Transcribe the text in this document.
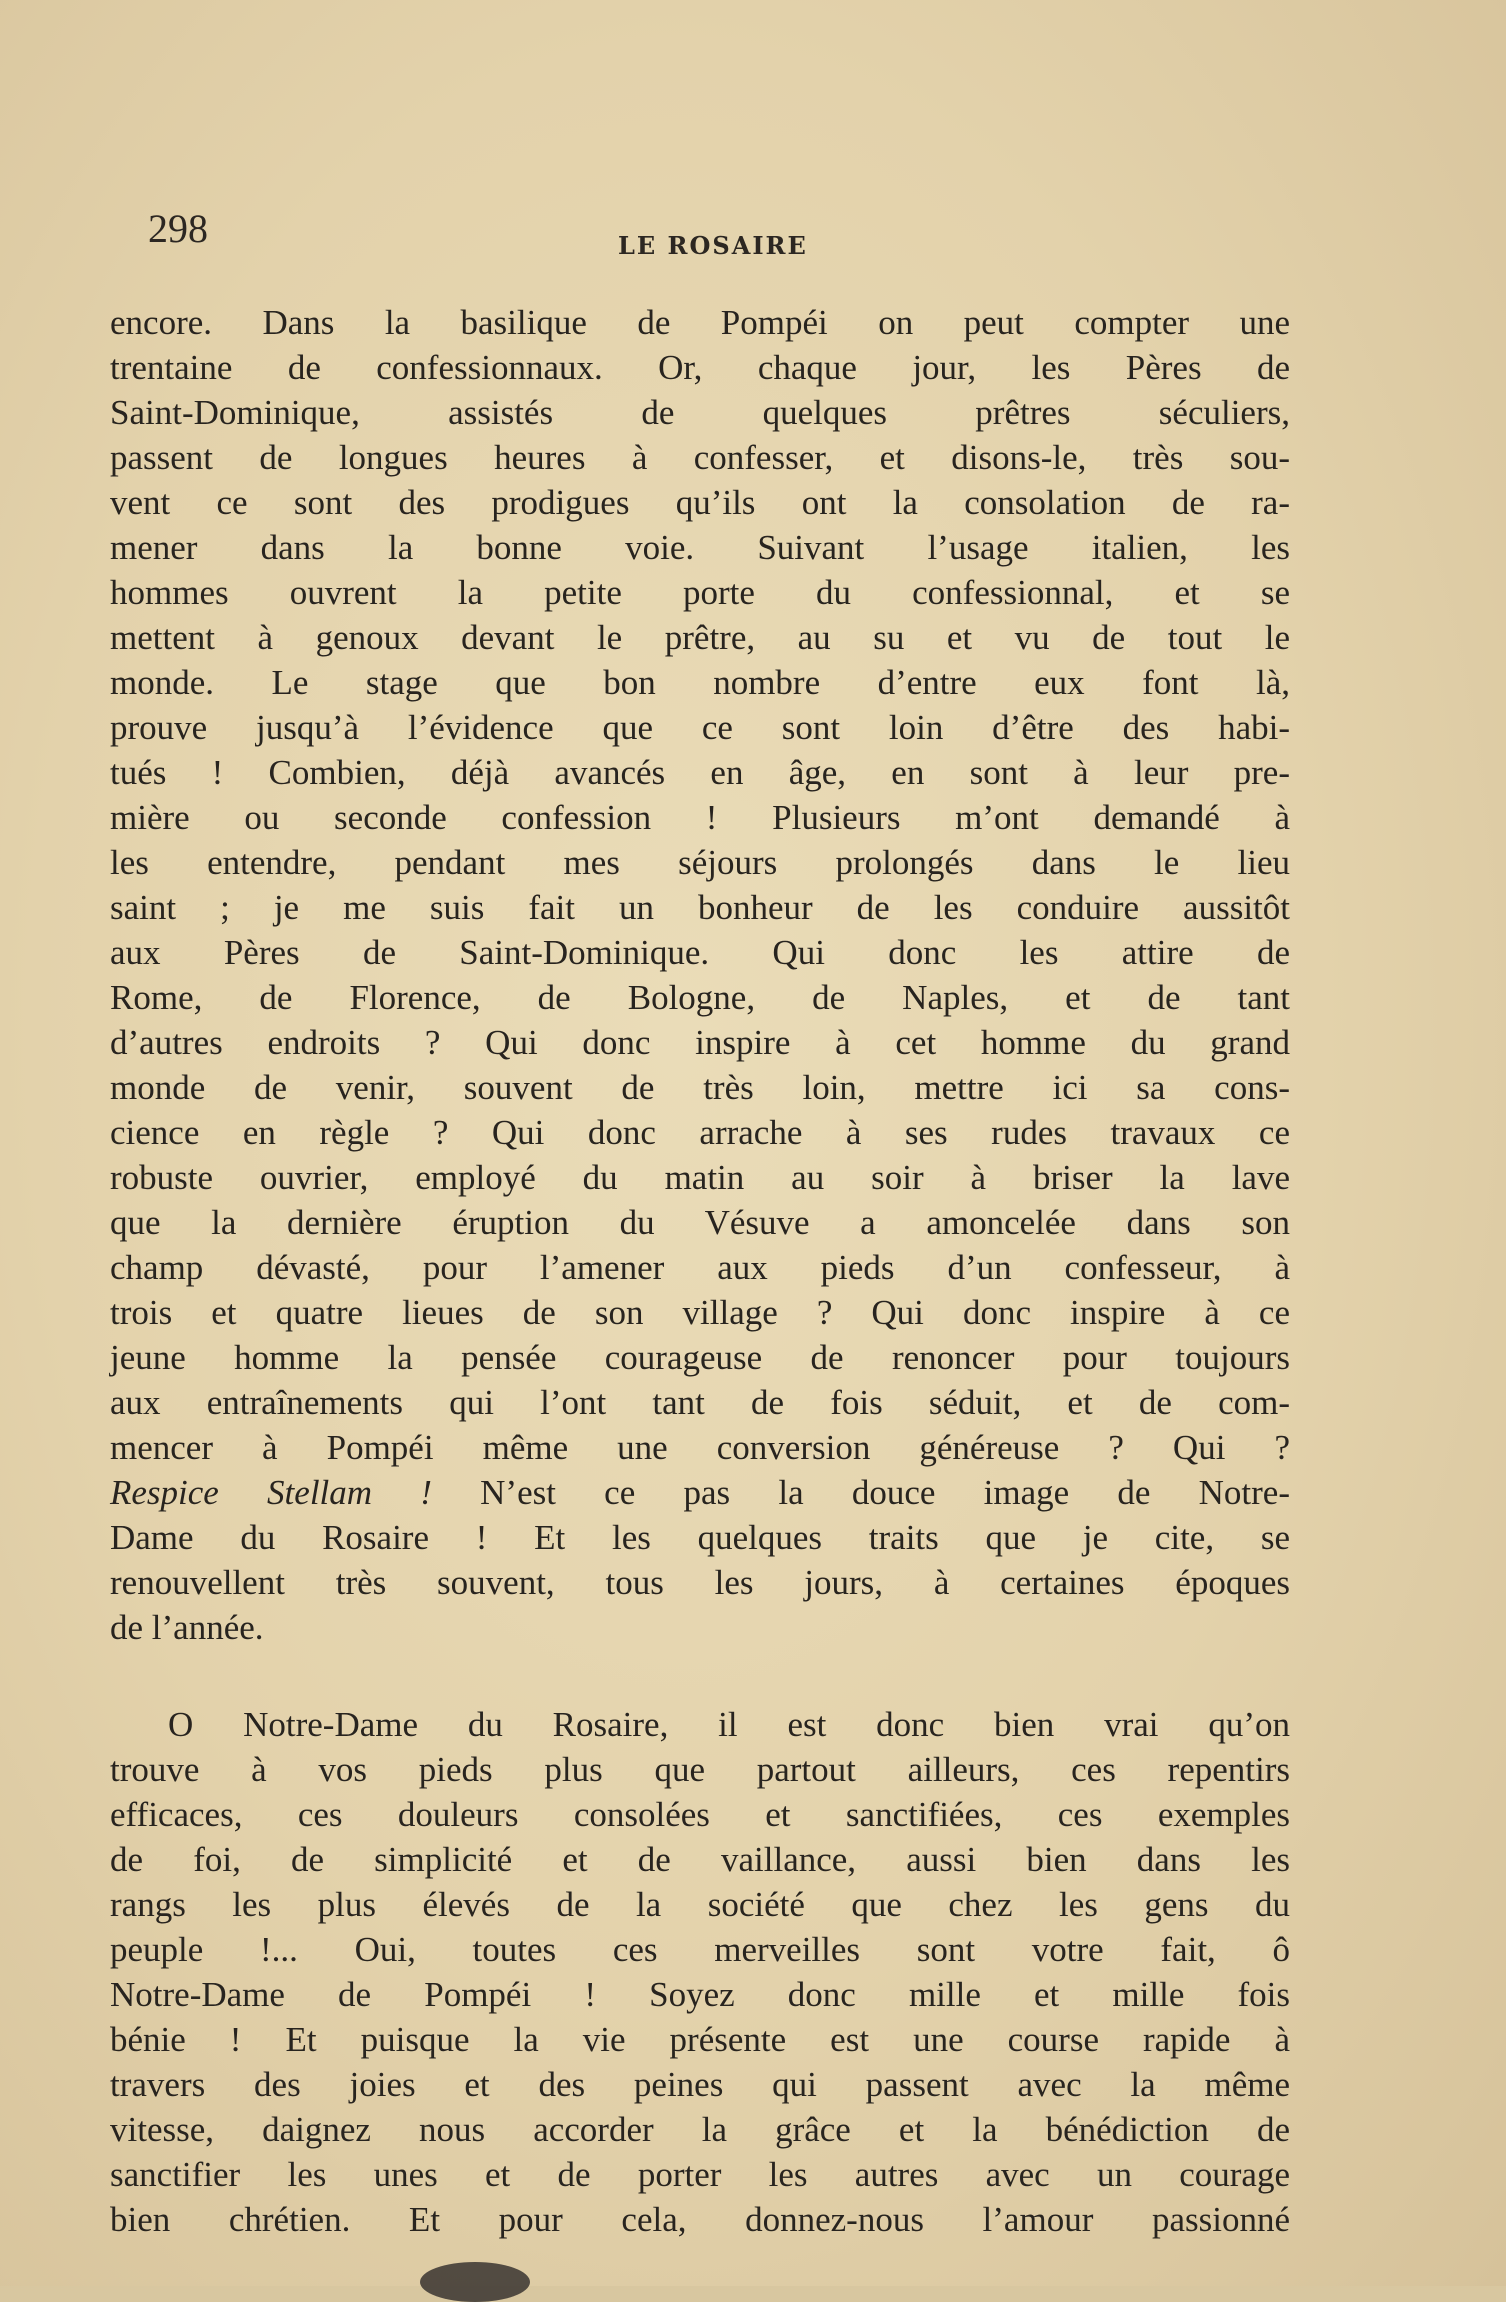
298	LE ROSAIRE

encore. Dans la basilique de Pompéi on peut compter une
trentaine de confessionnaux. Or, chaque jour, les Pères de
Saint-Dominique, assistés de quelques prêtres séculiers,
passent de longues heures à confesser, et disons-le, très sou-
vent ce sont des prodigues qu’ils ont la consolation de ra-
mener dans la bonne voie. Suivant l’usage italien, les
hommes ouvrent la petite porte du confessionnal, et se
mettent à genoux devant le prêtre, au su et vu de tout le
monde. Le stage que bon nombre d’entre eux font là,
prouve jusqu’à l’évidence que ce sont loin d’être des habi-
tués ! Combien, déjà avancés en âge, en sont à leur pre-
mière ou seconde confession ! Plusieurs m’ont demandé à
les entendre, pendant mes séjours prolongés dans le lieu
saint ; je me suis fait un bonheur de les conduire aussitôt
aux Pères de Saint-Dominique. Qui donc les attire de
Rome, de Florence, de Bologne, de Naples, et de tant
d’autres endroits ? Qui donc inspire à cet homme du grand
monde de venir, souvent de très loin, mettre ici sa cons-
cience en règle ? Qui donc arrache à ses rudes travaux ce
robuste ouvrier, employé du matin au soir à briser la lave
que la dernière éruption du Vésuve a amoncelée dans son
champ dévasté, pour l’amener aux pieds d’un confesseur, à
trois et quatre lieues de son village ? Qui donc inspire à ce
jeune homme la pensée courageuse de renoncer pour toujours
aux entraînements qui l’ont tant de fois séduit, et de com-
mencer à Pompéi même une conversion généreuse ? Qui ?
Respice Stellam ! N’est ce pas la douce image de Notre-
Dame du Rosaire ! Et les quelques traits que je cite, se
renouvellent très souvent, tous les jours, à certaines époques
de l’année.

O Notre-Dame du Rosaire, il est donc bien vrai qu’on
trouve à vos pieds plus que partout ailleurs, ces repentirs
efficaces, ces douleurs consolées et sanctifiées, ces exemples
de foi, de simplicité et de vaillance, aussi bien dans les
rangs les plus élevés de la société que chez les gens du
peuple !... Oui, toutes ces merveilles sont votre fait, ô
Notre-Dame de Pompéi ! Soyez donc mille et mille fois
bénie ! Et puisque la vie présente est une course rapide à
travers des joies et des peines qui passent avec la même
vitesse, daignez nous accorder la grâce et la bénédiction de
sanctifier les unes et de porter les autres avec un courage
bien chrétien. Et pour cela, donnez-nous l’amour passionné
